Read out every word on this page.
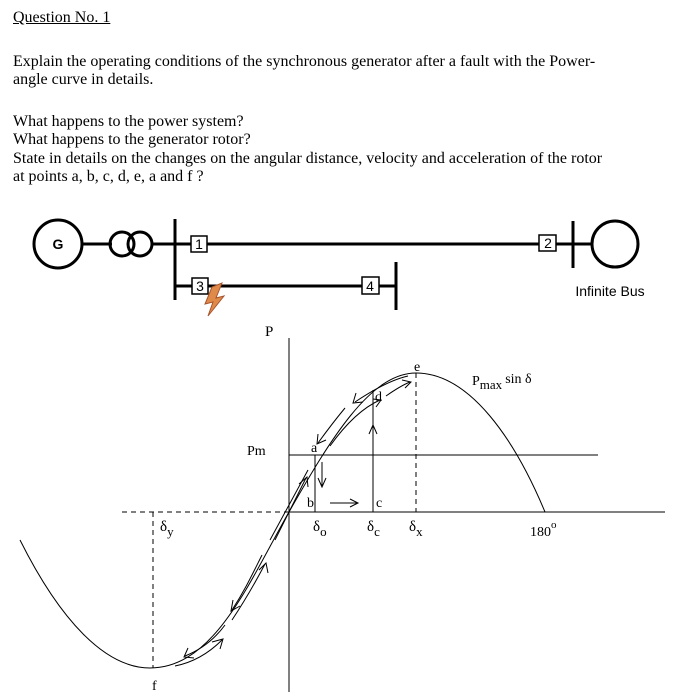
Question No. 1
Explain the operating conditions of the synchronous generator after a fault with the Power-
angle curve in details.
What happens to the power system?
What happens to the generator rotor?
State in details on the changes on the angular distance, velocity and acceleration of the rotor
at points a, b, c, d, e, a and f ?
G	1	2
3	4	Infinite Bus
P
Pm	a
b	c
d
e
f
Pmax sin δ
δo	δc δx
δy	180$^o$
